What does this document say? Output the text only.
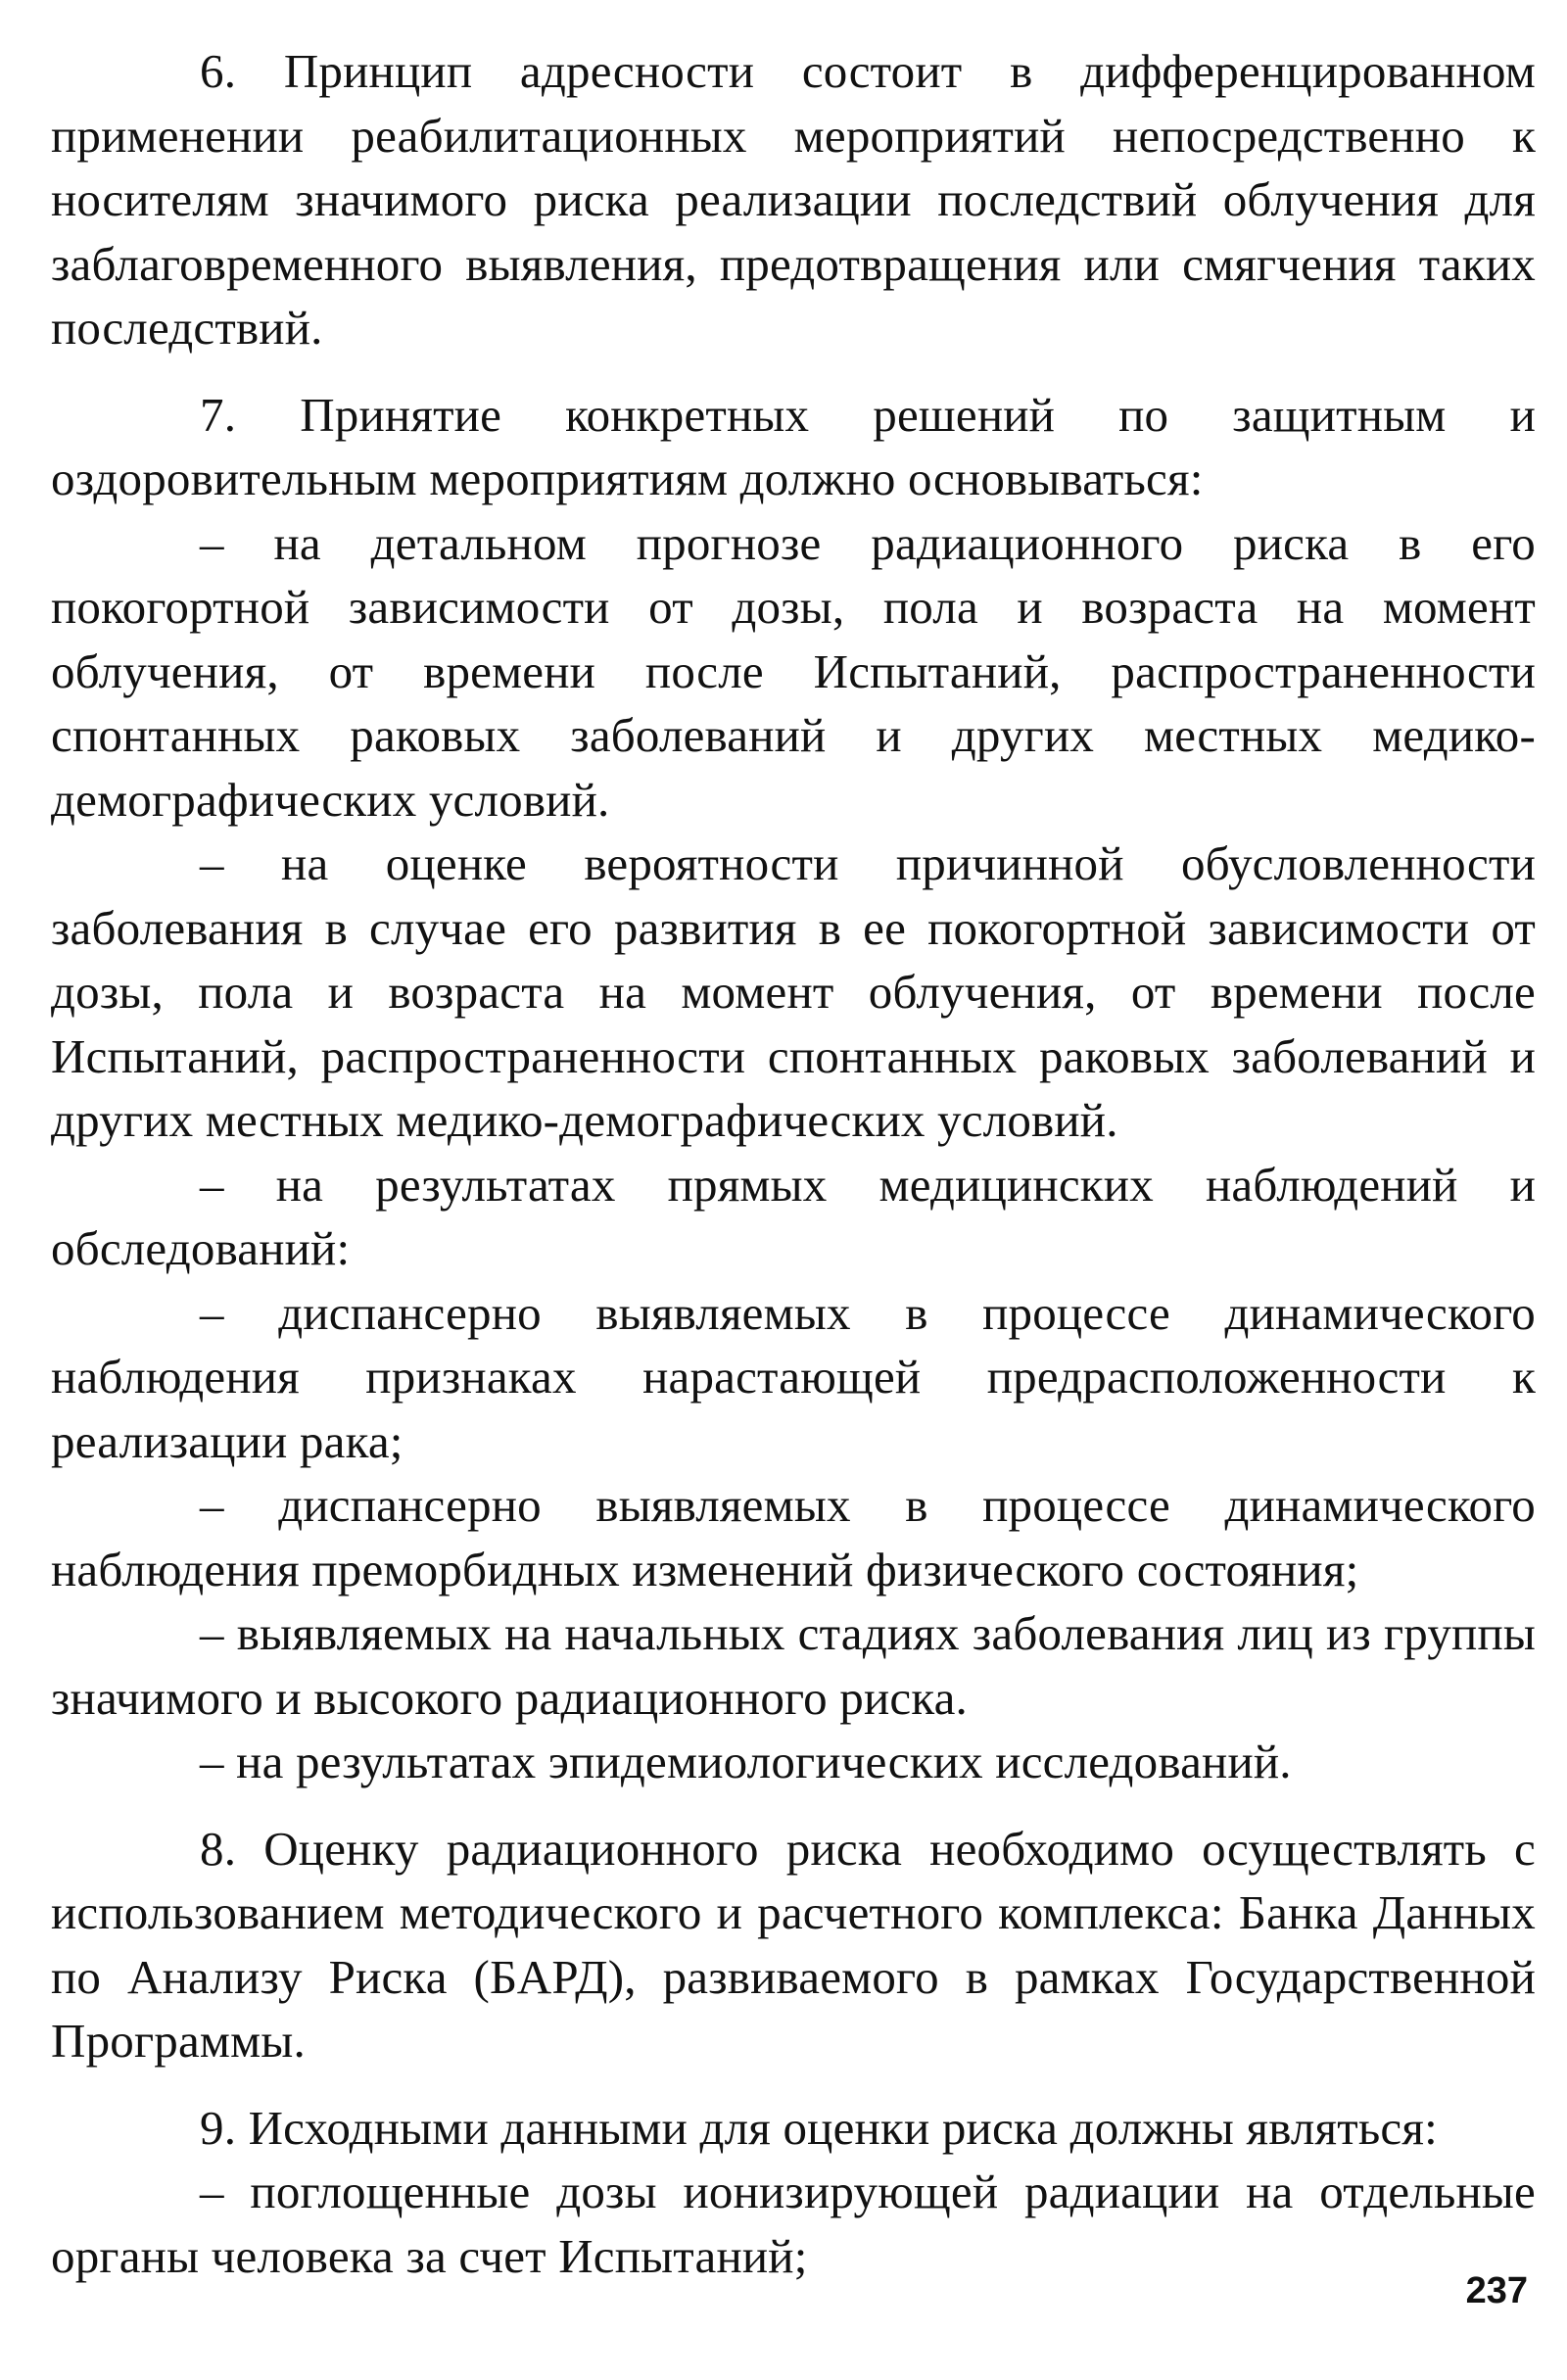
6. Принцип адресности состоит в дифференцированном применении реабилитационных мероприятий непосредственно к носителям значимого риска реализации последствий облучения для заблаговременного выявления, предотвращения или смягчения таких последствий.

7. Принятие конкретных решений по защитным и оздоровительным мероприятиям должно основываться:

– на детальном прогнозе радиационного риска в его покогортной зависимости от дозы, пола и возраста на момент облучения, от времени после Испытаний, распространенности спонтанных раковых заболеваний и других местных медико-демографических условий.

– на оценке вероятности причинной обусловленности заболевания в случае его развития в ее покогортной зависимости от дозы, пола и возраста на момент облучения, от времени после Испытаний, распространенности спонтанных раковых заболеваний и других местных медико-демографических условий.

– на результатах прямых медицинских наблюдений и обследований:

– диспансерно выявляемых в процессе динамического наблюдения признаках нарастающей предрасположенности к реализации рака;

– диспансерно выявляемых в процессе динамического наблюдения преморбидных изменений физического состояния;

– выявляемых на начальных стадиях заболевания лиц из группы значимого и высокого радиационного риска.

– на результатах эпидемиологических исследований.

8. Оценку радиационного риска необходимо осуществлять с использованием методического и расчетного комплекса: Банка Данных по Анализу Риска (БАРД), развиваемого в рамках Государственной Программы.

9. Исходными данными для оценки риска должны являться:

– поглощенные дозы ионизирующей радиации на отдельные органы человека за счет Испытаний;

237
